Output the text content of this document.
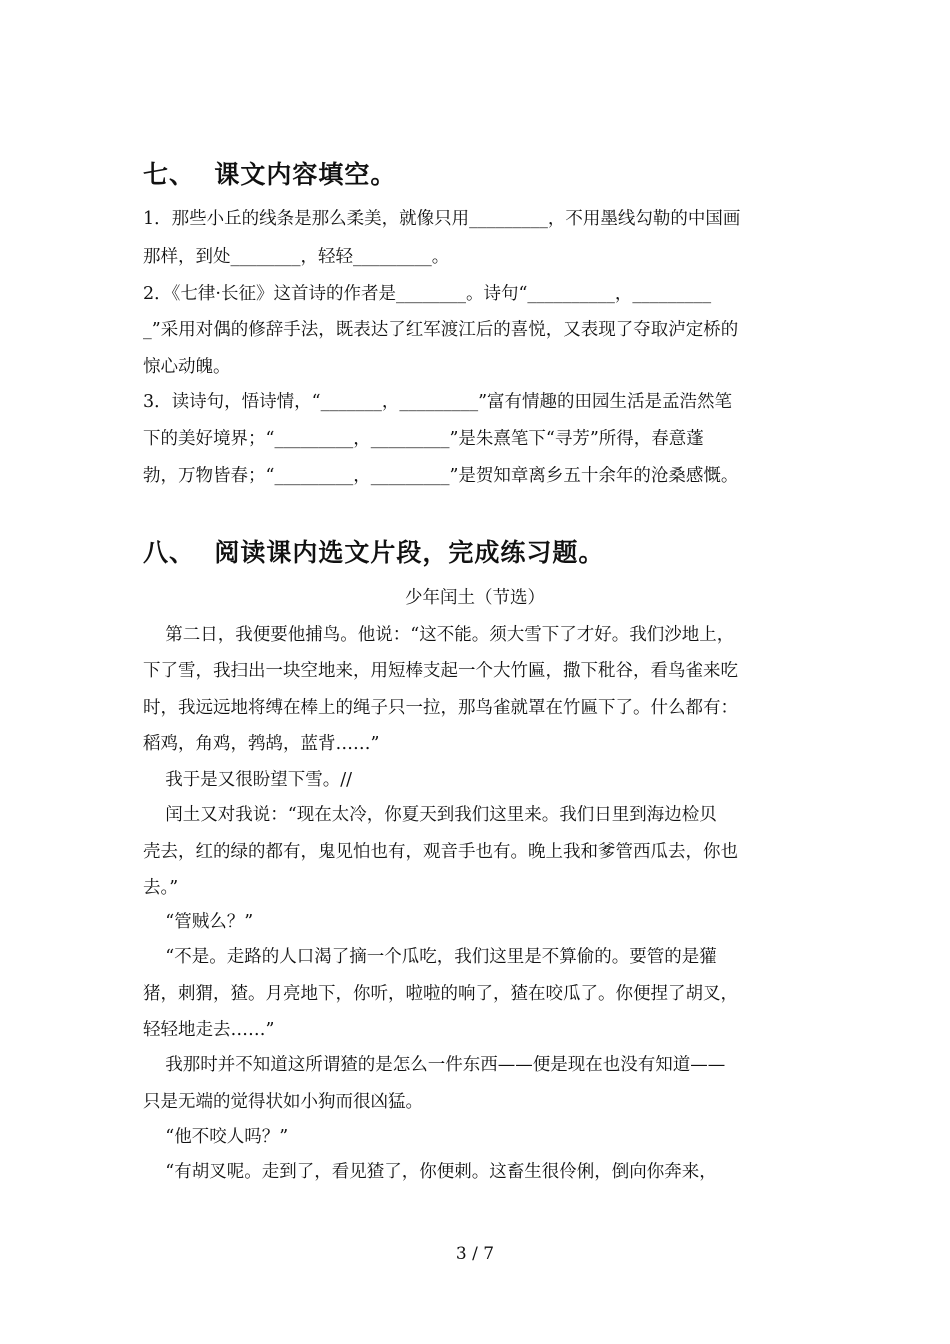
七、  课文内容填空。

1．那些小丘的线条是那么柔美，就像只用_________，不用墨线勾勒的中国画

那样，到处________，轻轻_________。

2．《七律·长征》这首诗的作者是________。诗句“__________，_________

_”采用对偶的修辞手法，既表达了红军渡江后的喜悦，又表现了夺取泸定桥的

惊心动魄。

3．读诗句，悟诗情，“_______，_________”富有情趣的田园生活是孟浩然笔

下的美好境界；“_________，_________”是朱熹笔下“寻芳”所得，春意蓬

勃，万物皆春；“_________，_________”是贺知章离乡五十余年的沧桑感慨。

八、  阅读课内选文片段，完成练习题。

少年闰土（节选）

第二日，我便要他捕鸟。他说：“这不能。须大雪下了才好。我们沙地上，

下了雪，我扫出一块空地来，用短棒支起一个大竹匾，撒下秕谷，看鸟雀来吃

时，我远远地将缚在棒上的绳子只一拉，那鸟雀就罩在竹匾下了。什么都有：

稻鸡，角鸡，鹁鸪，蓝背……”

我于是又很盼望下雪。//

闰土又对我说：“现在太冷，你夏天到我们这里来。我们日里到海边检贝

壳去，红的绿的都有，鬼见怕也有，观音手也有。晚上我和爹管西瓜去，你也

去。”

“管贼么？”

“不是。走路的人口渴了摘一个瓜吃，我们这里是不算偷的。要管的是獾

猪，刺猬，猹。月亮地下，你听，啦啦的响了，猹在咬瓜了。你便捏了胡叉，

轻轻地走去……”

我那时并不知道这所谓猹的是怎么一件东西——便是现在也没有知道——

只是无端的觉得状如小狗而很凶猛。

“他不咬人吗？”

“有胡叉呢。走到了，看见猹了，你便刺。这畜生很伶俐，倒向你奔来，

3 / 7
